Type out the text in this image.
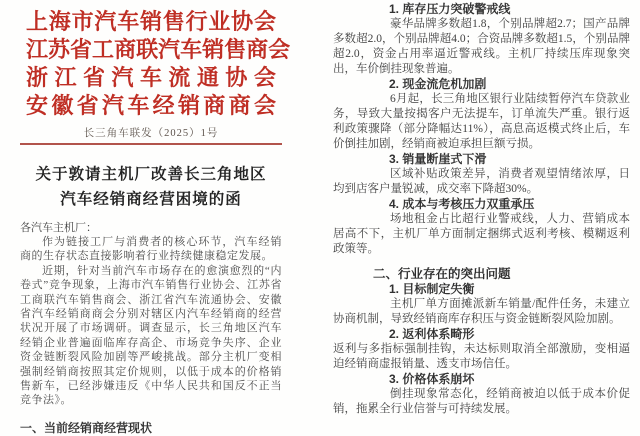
上 海 市 汽 车 销 售 行 业 协 会
江 苏 省 工 商 联 汽 车 销 售 商 会
浙 江 省 汽 车 流 通 协 会
安 徽 省 汽 车 经 销 商 商 会
长三角车联发（2025）1号
关于敦请主机厂改善长三角地区
汽车经销商经营困境的函
各汽车主机厂：

作为链接工厂与消费者的核心环节，汽车经销商的生存状态直接影响着行业持续健康稳定发展。

近期，针对当前汽车市场存在的愈演愈烈的“内卷式”竞争现象，上海市汽车销售行业协会、江苏省工商联汽车销售商会、浙江省汽车流通协会、安徽省汽车经销商商会分别对辖区内汽车经销商的经营状况开展了市场调研。调查显示，长三角地区汽车经销企业普遍面临库存高企、市场竞争失序、企业资金链断裂风险加剧等严峻挑战。部分主机厂变相强制经销商按照其定价规则，以低于成本的价格销售新车，已经涉嫌违反《中华人民共和国反不正当竞争法》。

一、当前经销商经营现状
1. 库存压力突破警戒线

豪华品牌多数超1.8，个别品牌超2.7；国产品牌多数超2.0，个别品牌超4.0；合资品牌多数超1.5，个别品牌超2.0，资金占用率逼近警戒线。主机厂持续压库现象突出，车价倒挂现象普遍。

2. 现金流危机加剧

6月起，长三角地区银行业陆续暂停汽车贷款业务，导致大量按揭客户无法提车，订单流失严重。银行返利政策骤降（部分降幅达11%），高息高返模式终止后，车价倒挂加剧，经销商被迫承担巨额亏损。

3. 销量断崖式下滑

区域补贴政策差异，消费者观望情绪浓厚，日均到店客户量锐减，成交率下降超30%。

4. 成本与考核压力双重承压

场地租金占比超行业警戒线，人力、营销成本居高不下，主机厂单方面制定捆绑式返利考核、模糊返利政策等。

二、行业存在的突出问题
1. 目标制定失衡

主机厂单方面摊派新车销量/配件任务，未建立协商机制，导致经销商库存积压与资金链断裂风险加剧。

2. 返利体系畸形

返利与多指标强制挂钩，未达标则取消全部激励，变相逼迫经销商虚报销量、透支市场信任。

3. 价格体系崩坏

倒挂现象常态化，经销商被迫以低于成本价促销，拖累全行业信誉与可持续发展。
